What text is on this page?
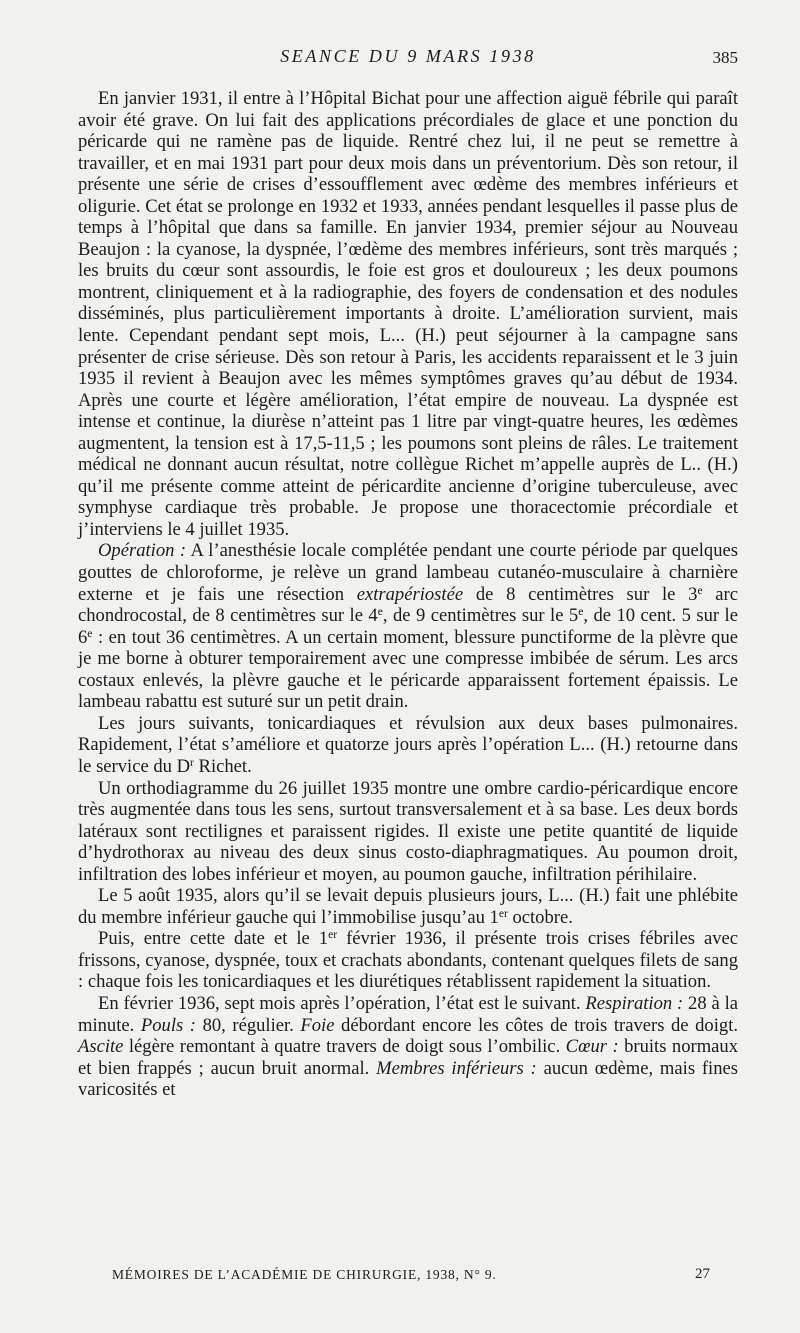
SEANCE DU 9 MARS 1938	385

En janvier 1931, il entre à l’Hôpital Bichat pour une affection aiguë fébrile qui paraît avoir été grave. On lui fait des applications précordiales de glace et une ponction du péricarde qui ne ramène pas de liquide. Rentré chez lui, il ne peut se remettre à travailler, et en mai 1931 part pour deux mois dans un préventorium. Dès son retour, il présente une série de crises d’essoufflement avec œdème des membres inférieurs et oligurie. Cet état se prolonge en 1932 et 1933, années pendant lesquelles il passe plus de temps à l’hôpital que dans sa famille. En janvier 1934, premier séjour au Nouveau Beaujon : la cyanose, la dyspnée, l’œdème des membres inférieurs, sont très marqués ; les bruits du cœur sont assourdis, le foie est gros et douloureux ; les deux poumons montrent, cliniquement et à la radiographie, des foyers de condensation et des nodules disséminés, plus particulièrement importants à droite. L’amélioration survient, mais lente. Cependant pendant sept mois, L... (H.) peut séjourner à la campagne sans présenter de crise sérieuse. Dès son retour à Paris, les accidents reparaissent et le 3 juin 1935 il revient à Beaujon avec les mêmes symptômes graves qu’au début de 1934. Après une courte et légère amélioration, l’état empire de nouveau. La dyspnée est intense et continue, la diurèse n’atteint pas 1 litre par vingt-quatre heures, les œdèmes augmentent, la tension est à 17,5-11,5 ; les poumons sont pleins de râles. Le traitement médical ne donnant aucun résultat, notre collègue Richet m’appelle auprès de L.. (H.) qu’il me présente comme atteint de péricardite ancienne d’origine tuberculeuse, avec symphyse cardiaque très probable. Je propose une thoracectomie précordiale et j’interviens le 4 juillet 1935.

Opération : A l’anesthésie locale complétée pendant une courte période par quelques gouttes de chloroforme, je relève un grand lambeau cutanéo-musculaire à charnière externe et je fais une résection extrapériostée de 8 centimètres sur le 3e arc chondrocostal, de 8 centimètres sur le 4e, de 9 centimètres sur le 5e, de 10 cent. 5 sur le 6e : en tout 36 centimètres. A un certain moment, blessure punctiforme de la plèvre que je me borne à obturer temporairement avec une compresse imbibée de sérum. Les arcs costaux enlevés, la plèvre gauche et le péricarde apparaissent fortement épaissis. Le lambeau rabattu est suturé sur un petit drain.

Les jours suivants, tonicardiaques et révulsion aux deux bases pulmonaires. Rapidement, l’état s’améliore et quatorze jours après l’opération L... (H.) retourne dans le service du $D^r$ Richet.

Un orthodiagramme du 26 juillet 1935 montre une ombre cardio-péricardique encore très augmentée dans tous les sens, surtout transversalement et à sa base. Les deux bords latéraux sont rectilignes et paraissent rigides. Il existe une petite quantité de liquide d’hydrothorax au niveau des deux sinus costo-diaphragmatiques. Au poumon droit, infiltration des lobes inférieur et moyen, au poumon gauche, infiltration périhilaire.

Le 5 août 1935, alors qu’il se levait depuis plusieurs jours, L... (H.) fait une phlébite du membre inférieur gauche qui l’immobilise jusqu’au 1er octobre.

Puis, entre cette date et le 1er février 1936, il présente trois crises fébriles avec frissons, cyanose, dyspnée, toux et crachats abondants, contenant quelques filets de sang : chaque fois les tonicardiaques et les diurétiques rétablissent rapidement la situation.

En février 1936, sept mois après l’opération, l’état est le suivant. Respiration : 28 à la minute. Pouls : 80, régulier. Foie débordant encore les côtes de trois travers de doigt. Ascite légère remontant à quatre travers de doigt sous l’ombilic. Cœur : bruits normaux et bien frappés ; aucun bruit anormal. Membres inférieurs : aucun œdème, mais fines varicosités et

MÉMOIRES DE L’ACADÉMIE DE CHIRURGIE, 1938, N° 9.	27
